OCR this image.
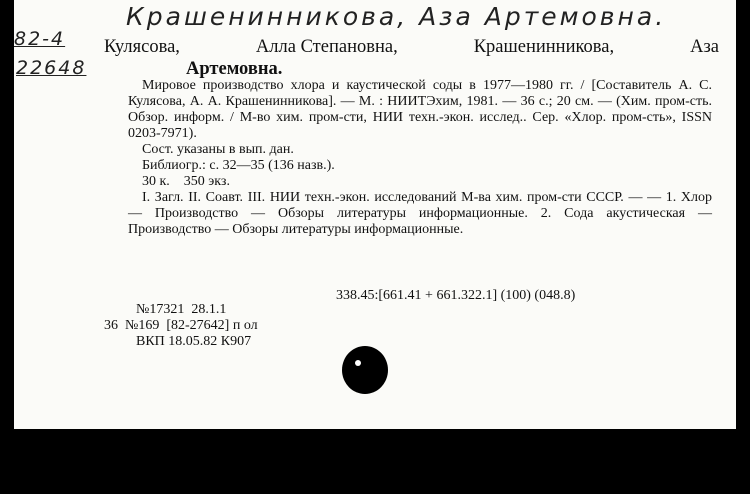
Крашенинникова, Аза Артемовна.
82-4
22648
Кулясова,	Алла Степановна,	Крашенинникова,	Аза
Артемовна.

Мировое производство хлора и каустической соды в 1977—1980 гг. / [Составитель А. С. Кулясова, А. А. Крашенинникова]. — М. : НИИТЭхим, 1981. — 36 с.; 20 см. — (Хим. пром-сть. Обзор. информ. / М-во хим. пром-сти, НИИ техн.-экон. исслед.. Сер. «Хлор. пром-сть», ISSN 0203-7971).

Сост. указаны в вып. дан.

Библиогр.: с. 32—35 (136 назв.).

30 к.    350 экз.

I. Загл. II. Соавт. III. НИИ техн.-экон. исследований М-ва хим. пром-сти СССР. — — 1. Хлор — Производство — Обзоры литературы информационные. 2. Сода акустическая — Производство — Обзоры литературы информационные.

338.45:[661.41 + 661.322.1] (100) (048.8)
№17321  28.1.1
36  №169  [82-27642] п ол
ВКП 18.05.82 К907
